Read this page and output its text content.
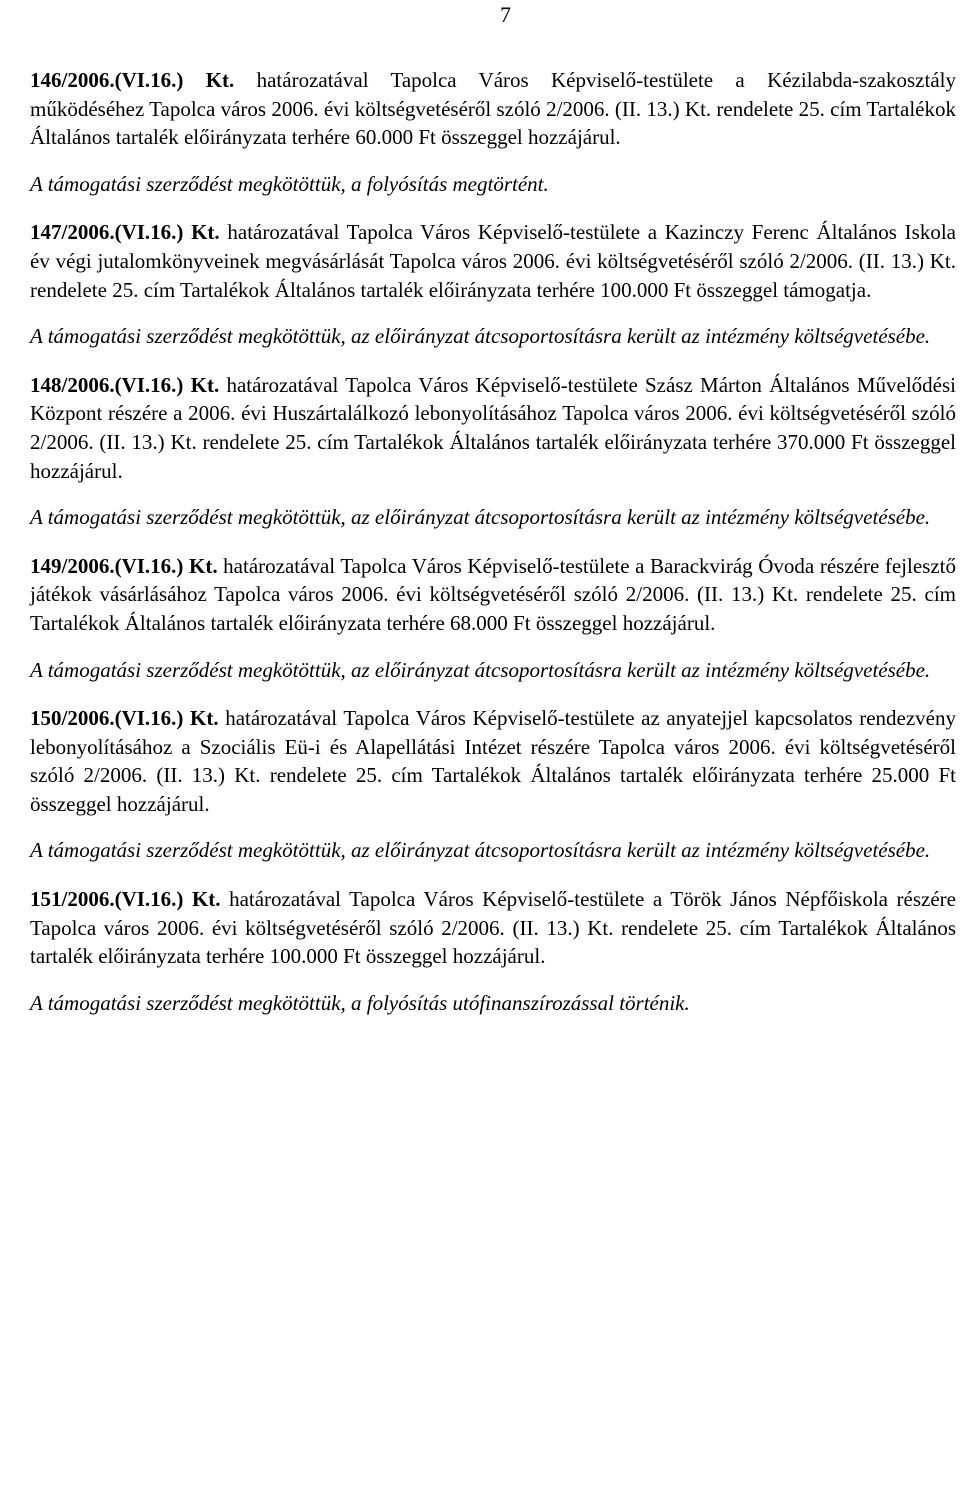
7

146/2006.(VI.16.) Kt. határozatával Tapolca Város Képviselő-testülete a Kézilabda-szakosztály működéséhez Tapolca város 2006. évi költségvetéséről szóló 2/2006. (II. 13.) Kt. rendelete 25. cím Tartalékok Általános tartalék előirányzata terhére 60.000 Ft összeggel hozzájárul.

A támogatási szerződést megkötöttük, a folyósítás megtörtént.

147/2006.(VI.16.) Kt. határozatával Tapolca Város Képviselő-testülete a Kazinczy Ferenc Általános Iskola év végi jutalomkönyveinek megvásárlását Tapolca város 2006. évi költségvetéséről szóló 2/2006. (II. 13.) Kt. rendelete 25. cím Tartalékok Általános tartalék előirányzata terhére 100.000 Ft összeggel támogatja.

A támogatási szerződést megkötöttük, az előirányzat átcsoportosításra került az intézmény költségvetésébe.

148/2006.(VI.16.) Kt. határozatával Tapolca Város Képviselő-testülete Szász Márton Általános Művelődési Központ részére a 2006. évi Huszártalálkozó lebonyolításához Tapolca város 2006. évi költségvetéséről szóló 2/2006. (II. 13.) Kt. rendelete 25. cím Tartalékok Általános tartalék előirányzata terhére 370.000 Ft összeggel hozzájárul.

A támogatási szerződést megkötöttük, az előirányzat átcsoportosításra került az intézmény költségvetésébe.

149/2006.(VI.16.) Kt. határozatával Tapolca Város Képviselő-testülete a Barackvirág Óvoda részére fejlesztő játékok vásárlásához Tapolca város 2006. évi költségvetéséről szóló 2/2006. (II. 13.) Kt. rendelete 25. cím Tartalékok Általános tartalék előirányzata terhére 68.000 Ft összeggel hozzájárul.

A támogatási szerződést megkötöttük, az előirányzat átcsoportosításra került az intézmény költségvetésébe.

150/2006.(VI.16.) Kt. határozatával Tapolca Város Képviselő-testülete az anyatejjel kapcsolatos rendezvény lebonyolításához a Szociális Eü-i és Alapellátási Intézet részére Tapolca város 2006. évi költségvetéséről szóló 2/2006. (II. 13.) Kt. rendelete 25. cím Tartalékok Általános tartalék előirányzata terhére 25.000 Ft összeggel hozzájárul.

A támogatási szerződést megkötöttük, az előirányzat átcsoportosításra került az intézmény költségvetésébe.

151/2006.(VI.16.) Kt. határozatával Tapolca Város Képviselő-testülete a Török János Népfőiskola részére Tapolca város 2006. évi költségvetéséről szóló 2/2006. (II. 13.) Kt. rendelete 25. cím Tartalékok Általános tartalék előirányzata terhére 100.000 Ft összeggel hozzájárul.

A támogatási szerződést megkötöttük, a folyósítás utófinanszírozással történik.
